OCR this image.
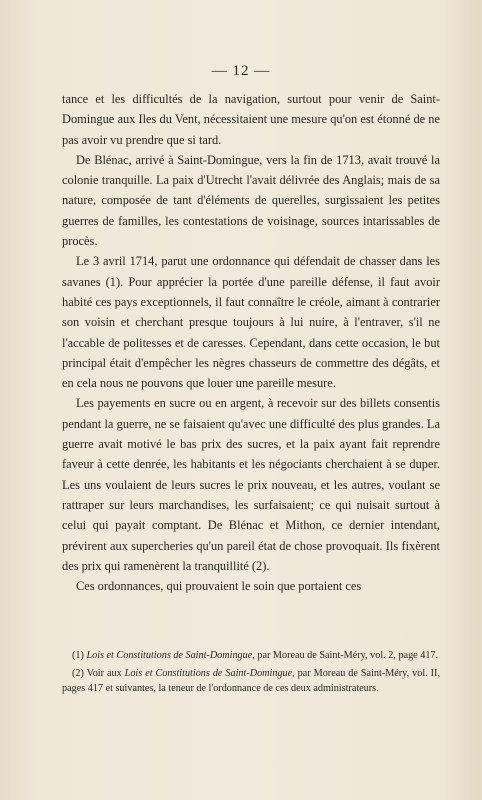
— 12 —

tance et les difficultés de la navigation, surtout pour venir de Saint-Domingue aux Iles du Vent, nécessitaient une mesure qu'on est étonné de ne pas avoir vu prendre que si tard.

De Blénac, arrivé à Saint-Domingue, vers la fin de 1713, avait trouvé la colonie tranquille. La paix d'Utrecht l'avait délivrée des Anglais; mais de sa nature, composée de tant d'éléments de querelles, surgissaient les petites guerres de familles, les contestations de voisinage, sources intarissables de procès.

Le 3 avril 1714, parut une ordonnance qui défendait de chasser dans les savanes (1). Pour apprécier la portée d'une pareille défense, il faut avoir habité ces pays exceptionnels, il faut connaître le créole, aimant à contrarier son voisin et cherchant presque toujours à lui nuire, à l'entraver, s'il ne l'accable de politesses et de caresses. Cependant, dans cette occasion, le but principal était d'empêcher les nègres chasseurs de commettre des dégâts, et en cela nous ne pouvons que louer une pareille mesure.

Les payements en sucre ou en argent, à recevoir sur des billets consentis pendant la guerre, ne se faisaient qu'avec une difficulté des plus grandes. La guerre avait motivé le bas prix des sucres, et la paix ayant fait reprendre faveur à cette denrée, les habitants et les négociants cherchaient à se duper. Les uns voulaient de leurs sucres le prix nouveau, et les autres, voulant se rattraper sur leurs marchandises, les surfaisaient; ce qui nuisait surtout à celui qui payait comptant. De Blénac et Mithon, ce dernier intendant, prévirent aux supercheries qu'un pareil état de chose provoquait. Ils fixèrent des prix qui ramenèrent la tranquillité (2).

Ces ordonnances, qui prouvaient le soin que portaient ces

(1) Lois et Constitutions de Saint-Domingue, par Moreau de Saint-Méry, vol. 2, page 417.

(2) Voir aux Lois et Constitutions de Saint-Domingue, par Moreau de Saint-Méry, vol. II, pages 417 et suivantes, la teneur de l'ordonnance de ces deux administrateurs.
